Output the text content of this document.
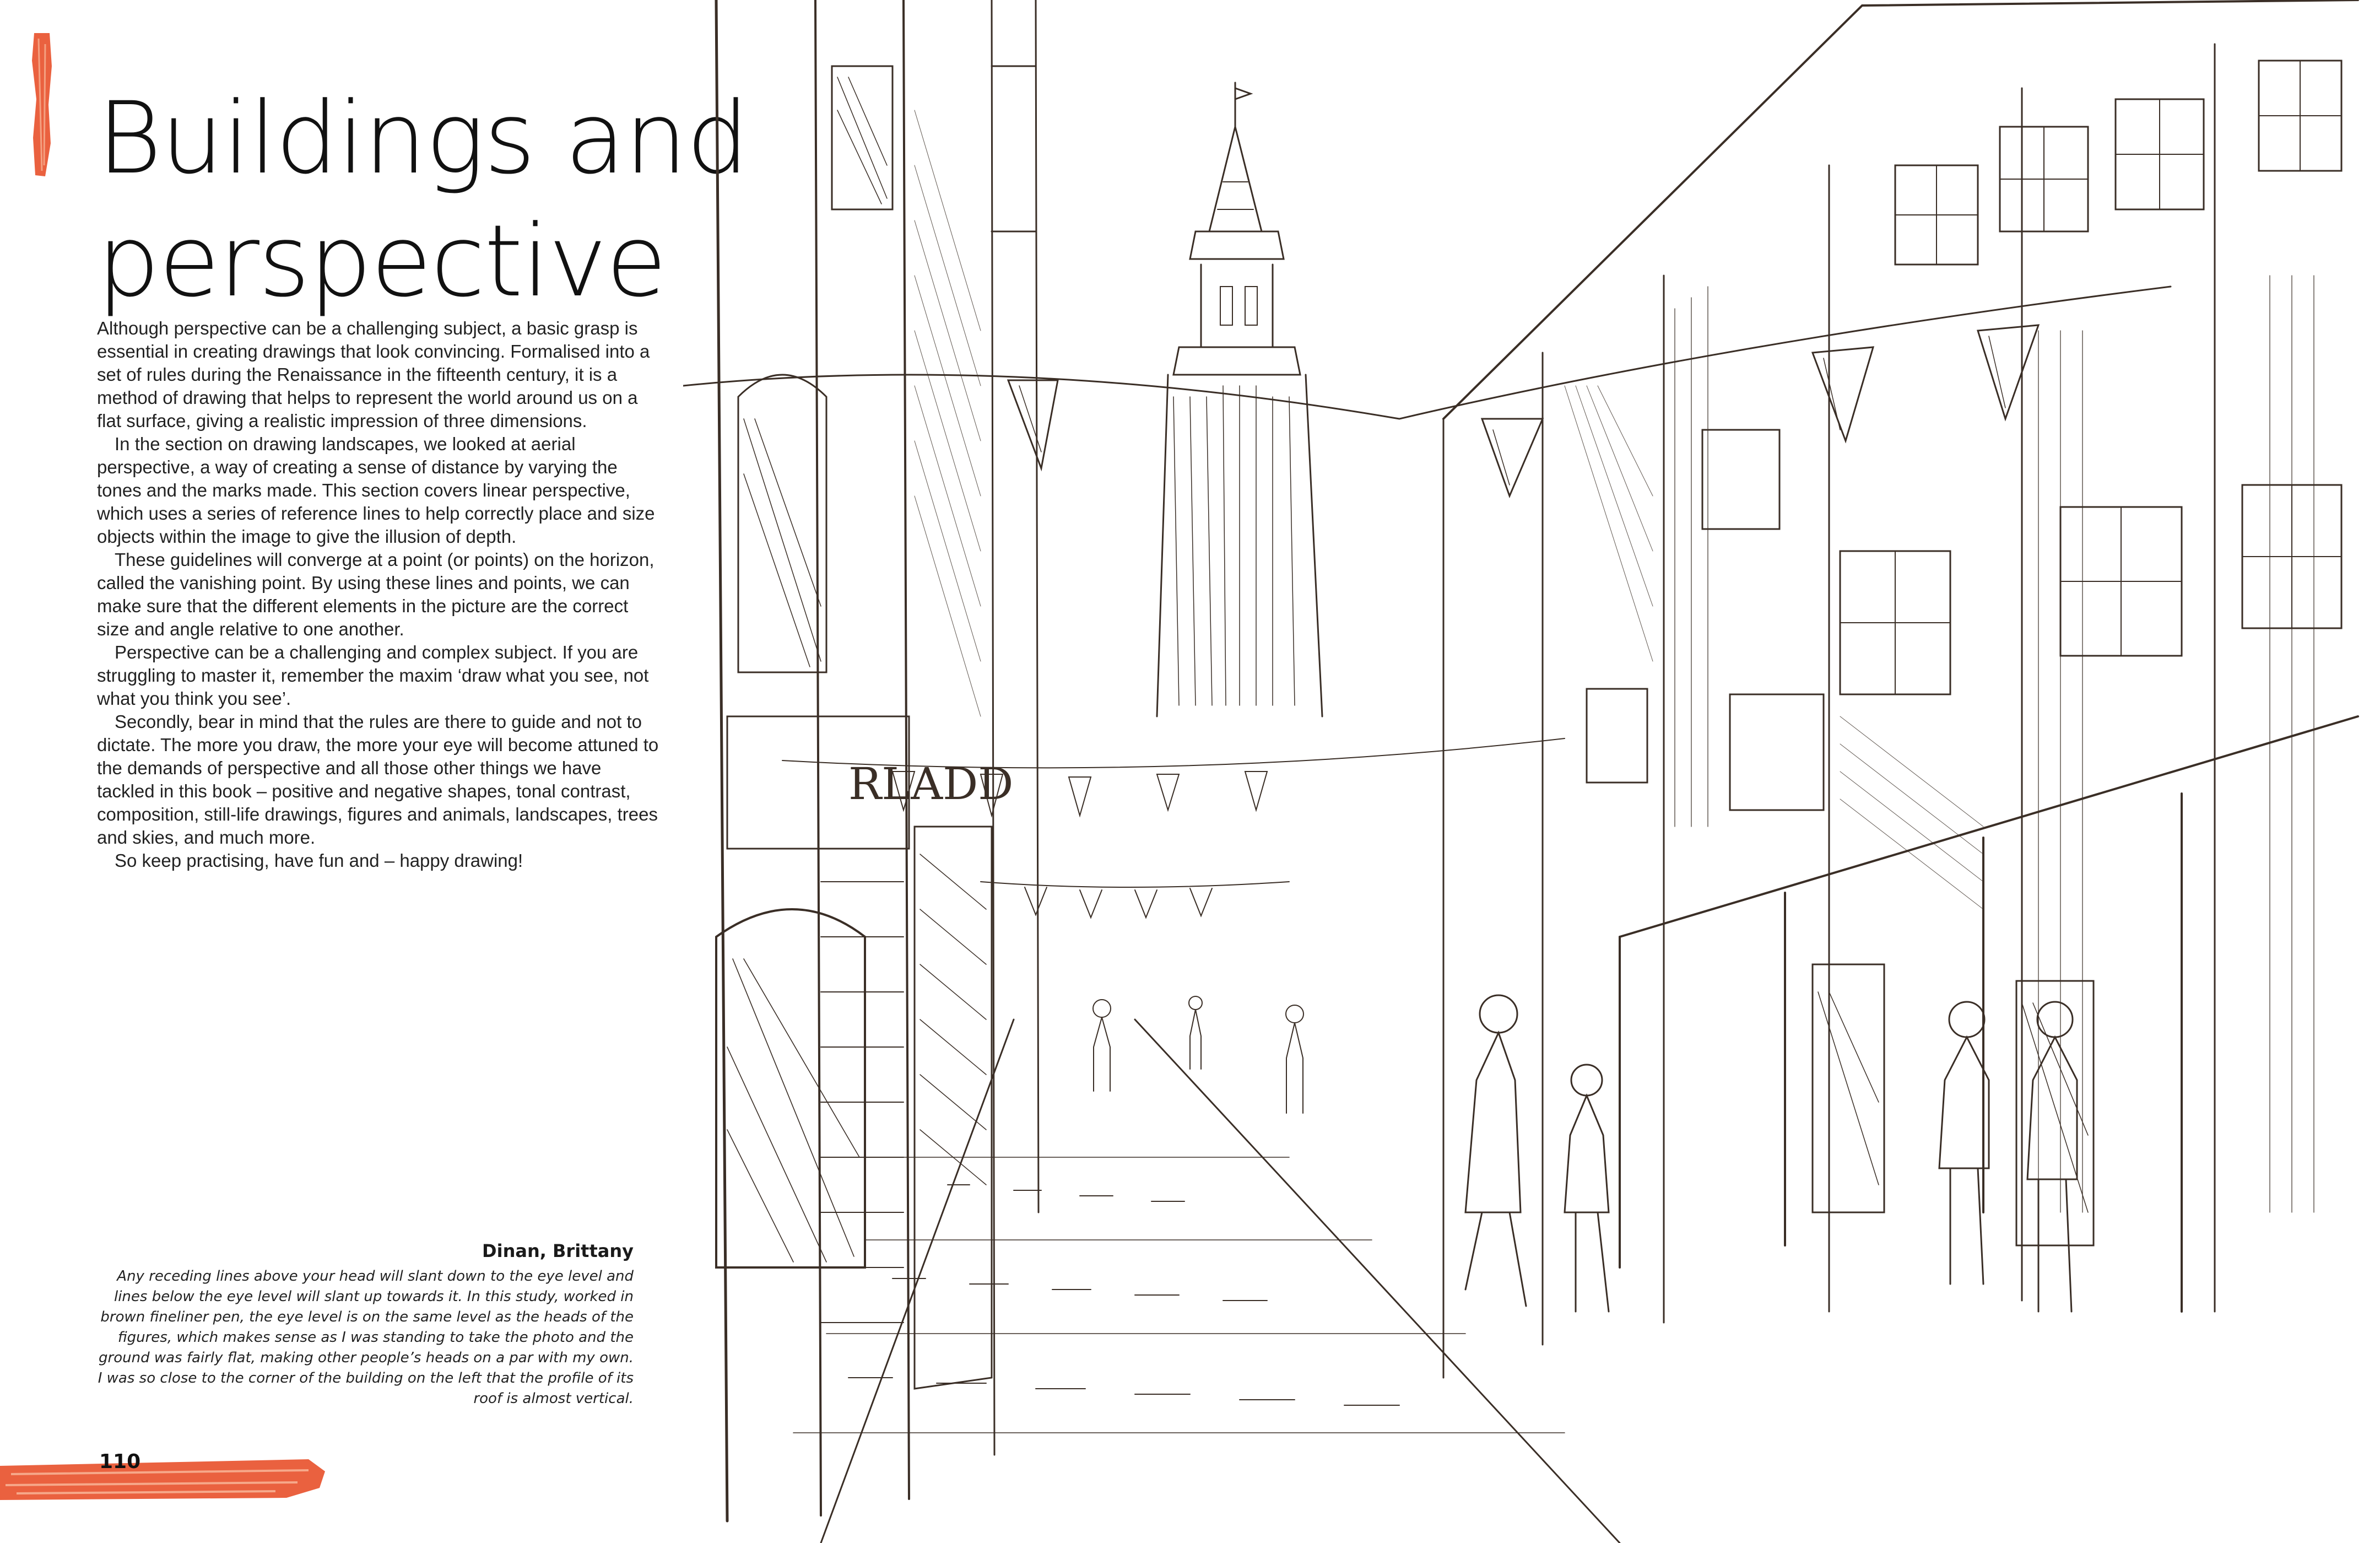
Buildings and
perspective

Although perspective can be a challenging subject, a basic grasp is essential in creating drawings that look convincing. Formalised into a set of rules during the Renaissance in the fifteenth century, it is a method of drawing that helps to represent the world around us on a flat surface, giving a realistic impression of three dimensions.

In the section on drawing landscapes, we looked at aerial perspective, a way of creating a sense of distance by varying the tones and the marks made. This section covers linear perspective, which uses a series of reference lines to help correctly place and size objects within the image to give the illusion of depth.

These guidelines will converge at a point (or points) on the horizon, called the vanishing point. By using these lines and points, we can make sure that the different elements in the picture are the correct size and angle relative to one another.

Perspective can be a challenging and complex subject. If you are struggling to master it, remember the maxim ‘draw what you see, not what you think you see’.

Secondly, bear in mind that the rules are there to guide and not to dictate. The more you draw, the more your eye will become attuned to the demands of perspective and all those other things we have tackled in this book – positive and negative shapes, tonal contrast, composition, still-life drawings, figures and animals, landscapes, trees and skies, and much more.

So keep practising, have fun and – happy drawing!

Dinan, Brittany
Any receding lines above your head will slant down to the eye level and lines below the eye level will slant up towards it. In this study, worked in brown fineliner pen, the eye level is on the same level as the heads of the figures, which makes sense as I was standing to take the photo and the ground was fairly flat, making other people’s heads on a par with my own. I was so close to the corner of the building on the left that the profile of its roof is almost vertical.
110
RLADD
